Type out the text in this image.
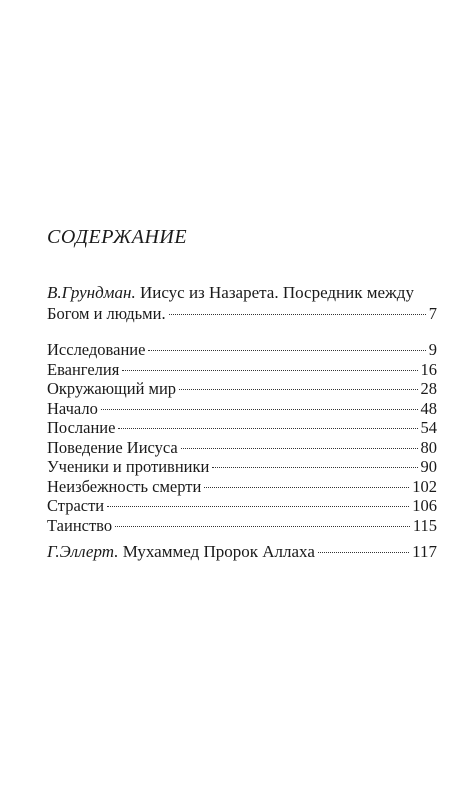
СОДЕРЖАНИЕ
В.Грундман. Иисус из Назарета. Посредник между
Богом и людьми.	7
Исследование	9
Евангелия	16
Окружающий мир	28
Начало	48
Послание	54
Поведение Иисуса	80
Ученики и противники	90
Неизбежность смерти	102
Страсти	106
Таинство	115
Г.Эллерт.
Мухаммед Пророк Аллаха	117
